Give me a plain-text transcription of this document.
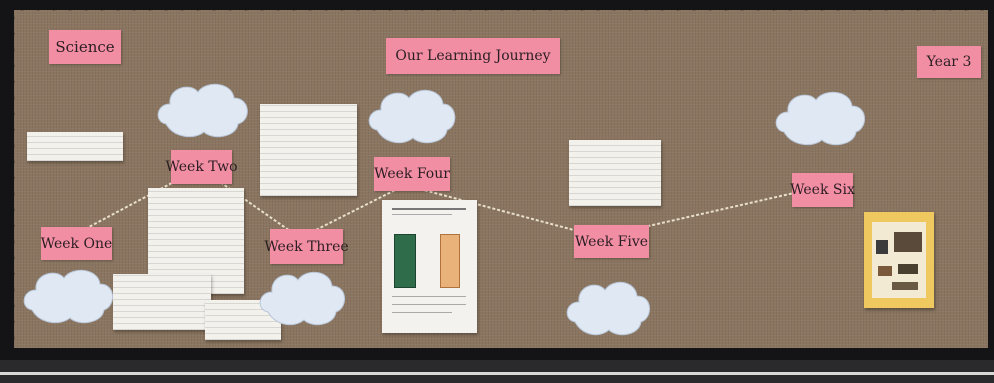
Science
Our Learning Journey	Year 3
Week One
Week Two
Week Three
Week Four
Week Five
Week Six
